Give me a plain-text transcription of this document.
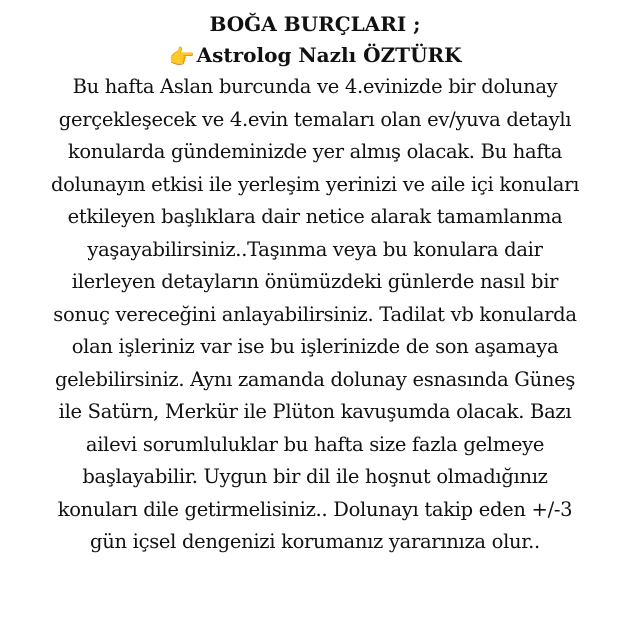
BOĞA BURÇLARI ;
👉 Astrolog Nazlı ÖZTÜRK
Bu hafta Aslan burcunda ve 4.evinizde bir dolunay
gerçekleşecek ve 4.evin temaları olan ev/yuva detaylı
konularda gündeminizde yer almış olacak. Bu hafta
dolunayın etkisi ile yerleşim yerinizi ve aile içi konuları
etkileyen başlıklara dair netice alarak tamamlanma
yaşayabilirsiniz..Taşınma veya bu konulara dair
ilerleyen detayların önümüzdeki günlerde nasıl bir
sonuç vereceğini anlayabilirsiniz. Tadilat vb konularda
olan işleriniz var ise bu işlerinizde de son aşamaya
gelebilirsiniz. Aynı zamanda dolunay esnasında Güneş
ile Satürn, Merkür ile Plüton kavuşumda olacak. Bazı
ailevi sorumluluklar bu hafta size fazla gelmeye
başlayabilir. Uygun bir dil ile hoşnut olmadığınız
konuları dile getirmelisiniz.. Dolunayı takip eden +/-3
gün içsel dengenizi korumanız yararınıza olur..
